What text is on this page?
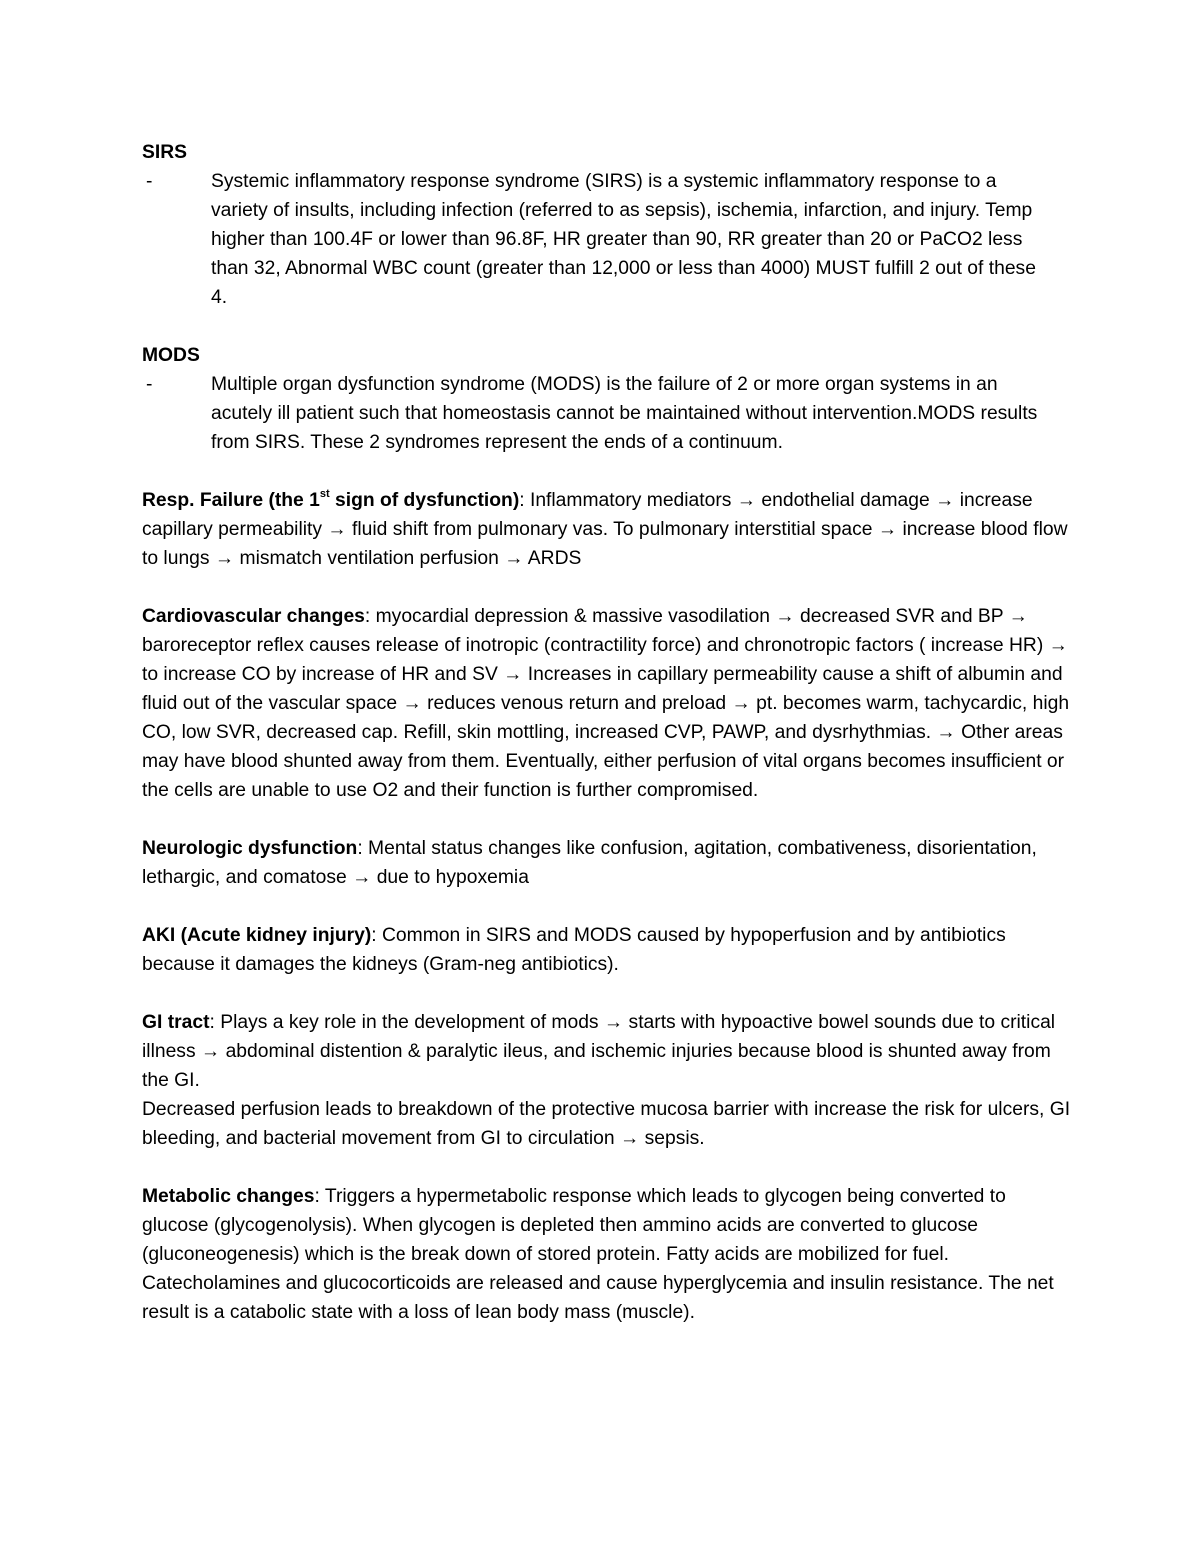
SIRS

-	Systemic inflammatory response syndrome (SIRS) is a systemic inflammatory response to a variety of insults, including infection (referred to as sepsis), ischemia, infarction, and injury. Temp higher than 100.4F or lower than 96.8F, HR greater than 90, RR greater than 20 or PaCO2 less than 32, Abnormal WBC count (greater than 12,000 or less than 4000) MUST fulfill 2 out of these 4.

MODS

-	Multiple organ dysfunction syndrome (MODS) is the failure of 2 or more organ systems in an acutely ill patient such that homeostasis cannot be maintained without intervention.MODS results from SIRS. These 2 syndromes represent the ends of a continuum.

Resp. Failure (the 1st sign of dysfunction): Inflammatory mediators → endothelial damage → increase capillary permeability → fluid shift from pulmonary vas. To pulmonary interstitial space → increase blood flow to lungs → mismatch ventilation perfusion → ARDS

Cardiovascular changes: myocardial depression & massive vasodilation → decreased SVR and BP → baroreceptor reflex causes release of inotropic (contractility force) and chronotropic factors ( increase HR) → to increase CO by increase of HR and SV → Increases in capillary permeability cause a shift of albumin and fluid out of the vascular space → reduces venous return and preload → pt. becomes warm, tachycardic, high CO, low SVR, decreased cap. Refill, skin mottling, increased CVP, PAWP, and dysrhythmias. → Other areas may have blood shunted away from them. Eventually, either perfusion of vital organs becomes insufficient or the cells are unable to use O2 and their function is further compromised.

Neurologic dysfunction: Mental status changes like confusion, agitation, combativeness, disorientation, lethargic, and comatose → due to hypoxemia

AKI (Acute kidney injury): Common in SIRS and MODS caused by hypoperfusion and by antibiotics because it damages the kidneys (Gram-neg antibiotics).

GI tract: Plays a key role in the development of mods → starts with hypoactive bowel sounds due to critical illness → abdominal distention & paralytic ileus, and ischemic injuries because blood is shunted away from the GI.

Decreased perfusion leads to breakdown of the protective mucosa barrier with increase the risk for ulcers, GI bleeding, and bacterial movement from GI to circulation → sepsis.

Metabolic changes: Triggers a hypermetabolic response which leads to glycogen being converted to glucose (glycogenolysis). When glycogen is depleted then ammino acids are converted to glucose (gluconeogenesis) which is the break down of stored protein. Fatty acids are mobilized for fuel. Catecholamines and glucocorticoids are released and cause hyperglycemia and insulin resistance. The net result is a catabolic state with a loss of lean body mass (muscle).
